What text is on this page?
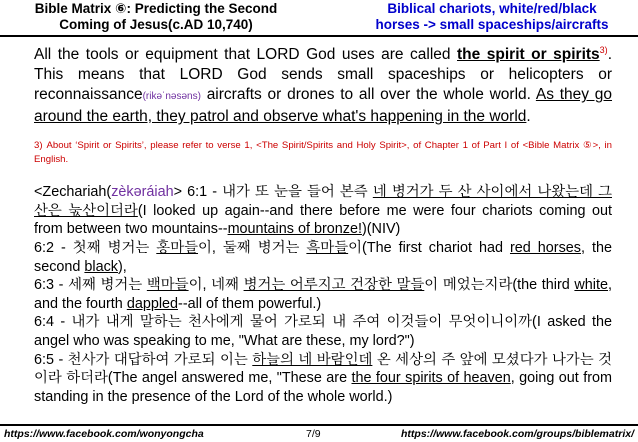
Bible Matrix ⑥: Predicting the Second
Coming of Jesus(c.AD 10,740)
Biblical chariots, white/red/black
horses -> small spaceships/aircrafts

All the tools or equipment that LORD God uses are called the spirit or spirits$^{3)}$. This means that LORD God sends small spaceships or helicopters or reconnaissance(rikəˈnəsəns) aircrafts or drones to all over the whole world. As they go around the earth, they patrol and observe what's happening in the world.

3) About ‘Spirit or Spirits’, please refer to verse 1, <The Spirit/Spirits and Holy Spirit>, of Chapter 1 of Part I of <Bible Matrix ⑤>, in English.

<Zechariah(zèkəráiah> 6:1 - 내가 또 눈을 들어 본즉 네 병거가 두 산 사이에서 나왔는데 그 산은 눇산이더라(I looked up again--and there before me were four chariots coming out from between two mountains--mountains of bronze!)(NIV)
6:2 - 첫째 병거는 홍마들이, 둘째 병거는 흑마들이(The first chariot had red horses, the second black),
6:3 - 세째 병거는 백마들이, 네째 병거는 어루지고 건장한 말들이 메었는지라(the third white, and the fourth dappled--all of them powerful.)
6:4 - 내가 내게 말하는 천사에게 물어 가로되 내 주여 이것들이 무엇이니이까(I asked the angel who was speaking to me, "What are these, my lord?")
6:5 - 천사가 대답하여 가로되 이는 하늘의 네 바람인데 온 세상의 주 앞에 모셨다가 나가는 것이라 하더라(The angel answered me, "These are the four spirits of heaven, going out from standing in the presence of the Lord of the whole world.)

https://www.facebook.com/wonyongcha	7/9	https://www.facebook.com/groups/biblematrix/
